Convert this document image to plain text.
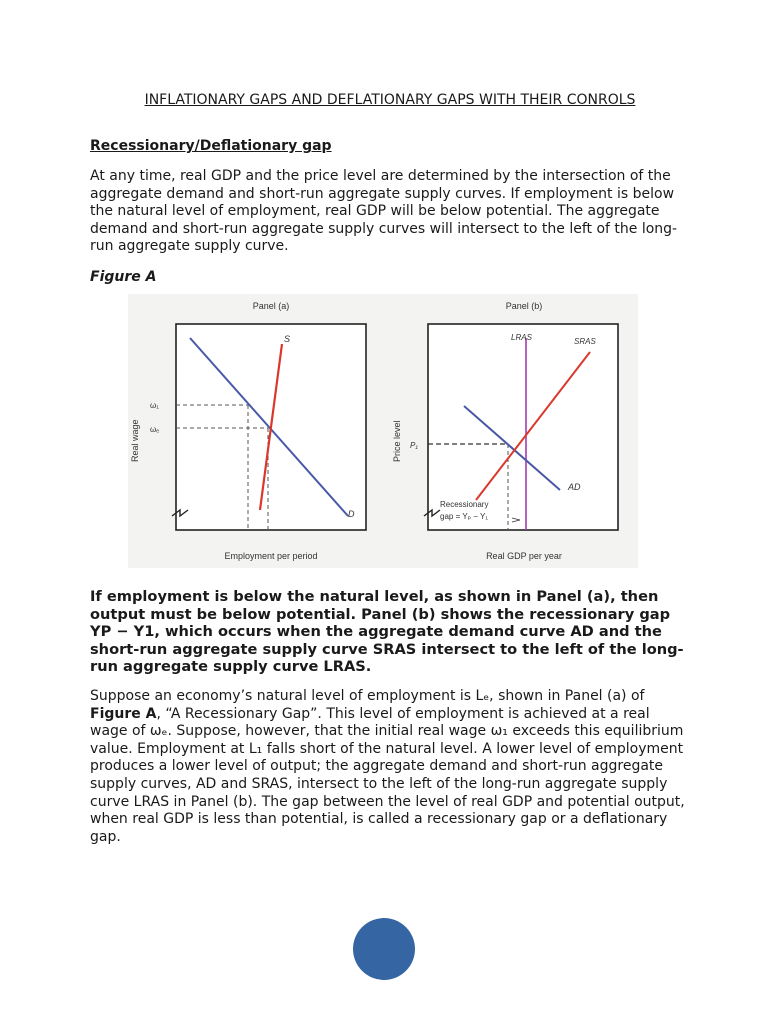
INFLATIONARY GAPS AND DEFLATIONARY GAPS WITH THEIR CONROLS
Recessionary/Deflationary gap

At any time, real GDP and the price level are determined by the intersection of the aggregate demand and short-run aggregate supply curves. If employment is below the natural level of employment, real GDP will be below potential. The aggregate demand and short-run aggregate supply curves will intersect to the left of the long-run aggregate supply curve.

Figure A
Panel (a)
S
D
ω₁
ωₑ
Real wage
Employment per period
Panel (b)
LRAS	SRAS
AD
P₁
Price level
Recessionary
gap = Yₚ − Y₁
Real GDP per year

If employment is below the natural level, as shown in Panel (a), then output must be below potential. Panel (b) shows the recessionary gap YP − Y1, which occurs when the aggregate demand curve AD and the short-run aggregate supply curve SRAS intersect to the left of the long-run aggregate supply curve LRAS.

Suppose an economy’s natural level of employment is Lₑ, shown in Panel (a) of Figure A, “A Recessionary Gap”. This level of employment is achieved at a real wage of ωₑ. Suppose, however, that the initial real wage ω₁ exceeds this equilibrium value. Employment at L₁ falls short of the natural level. A lower level of employment produces a lower level of output; the aggregate demand and short-run aggregate supply curves, AD and SRAS, intersect to the left of the long-run aggregate supply curve LRAS in Panel (b). The gap between the level of real GDP and potential output, when real GDP is less than potential, is called a recessionary gap or a deflationary gap.
